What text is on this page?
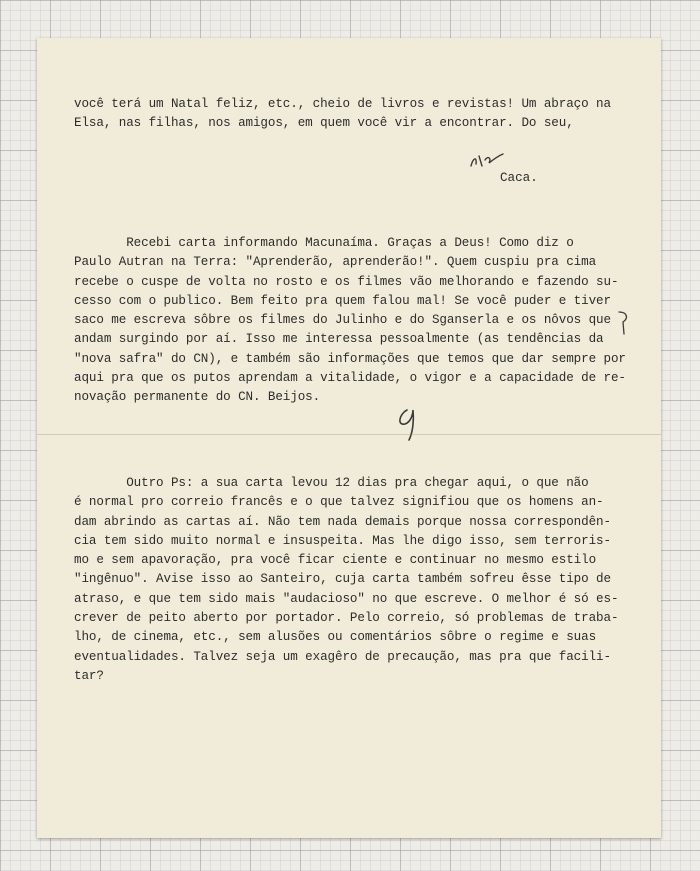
você terá um Natal feliz, etc., cheio de livros e revistas! Um abraço na
Elsa, nas filhas, nos amigos, em quem você vir a encontrar. Do seu,
Caca.
Recebi carta informando Macunaíma. Graças a Deus! Como diz o
Paulo Autran na Terra: "Aprenderão, aprenderão!". Quem cuspiu pra cima
recebe o cuspe de volta no rosto e os filmes vão melhorando e fazendo su-
cesso com o publico. Bem feito pra quem falou mal! Se você puder e tiver
saco me escreva sôbre os filmes do Julinho e do Sganserla e os nôvos que
andam surgindo por aí. Isso me interessa pessoalmente (as tendências da
"nova safra" do CN), e também são informações que temos que dar sempre por
aqui pra que os putos aprendam a vitalidade, o vigor e a capacidade de re-
novação permanente do CN. Beijos.
Outro Ps: a sua carta levou 12 dias pra chegar aqui, o que não
é normal pro correio francês e o que talvez signifiou que os homens an-
dam abrindo as cartas aí. Não tem nada demais porque nossa correspondên-
cia tem sido muito normal e insuspeita. Mas lhe digo isso, sem terroris-
mo e sem apavoração, pra você ficar ciente e continuar no mesmo estilo
"ingênuo". Avise isso ao Santeiro, cuja carta também sofreu êsse tipo de
atraso, e que tem sido mais "audacioso" no que escreve. O melhor é só es-
crever de peito aberto por portador. Pelo correio, só problemas de traba-
lho, de cinema, etc., sem alusões ou comentários sôbre o regime e suas
eventualidades. Talvez seja um exagêro de precaução, mas pra que facili-
tar?
